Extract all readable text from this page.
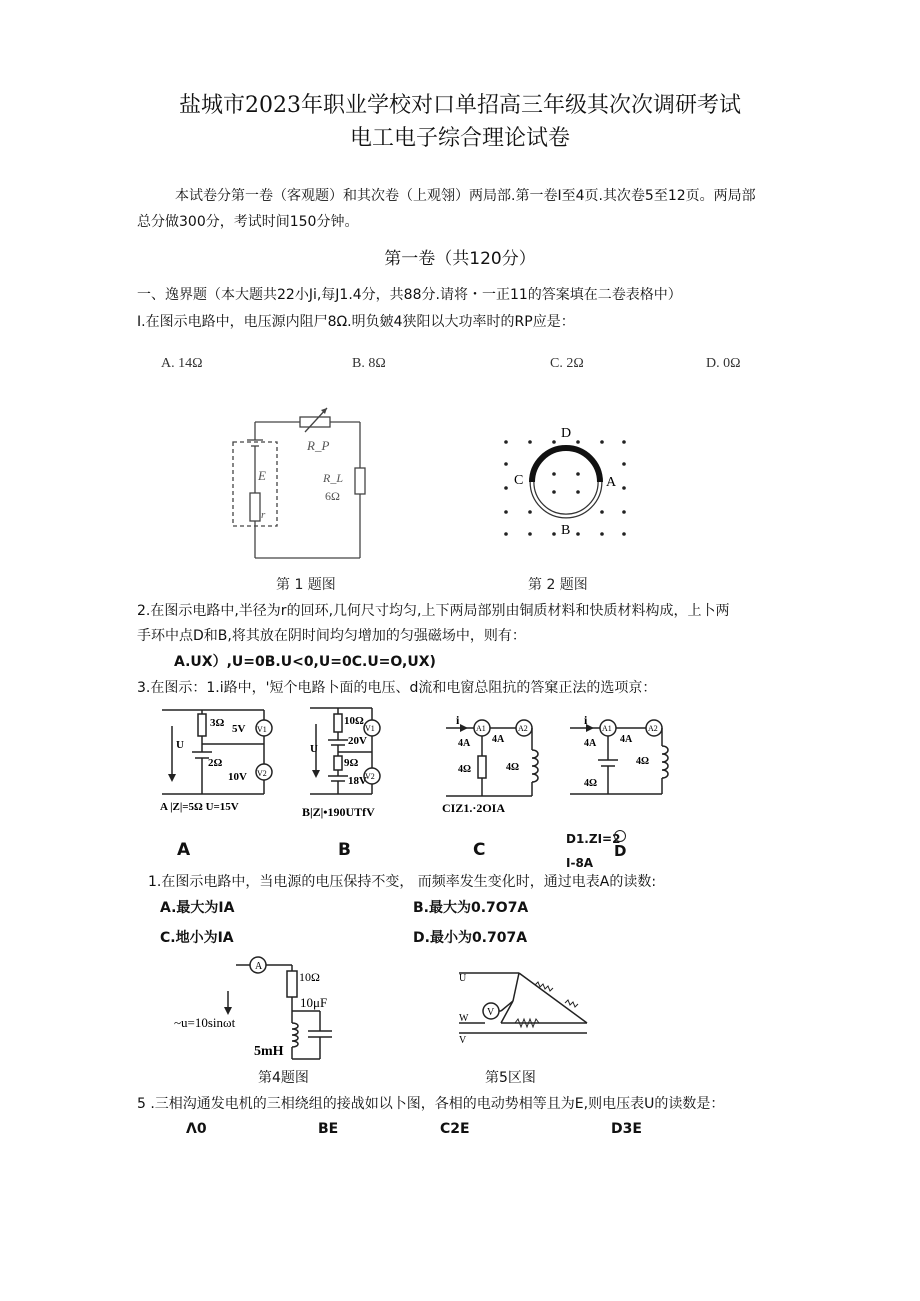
盐城市2023年职业学校对口单招高三年级其次次调研考试
电工电子综合理论试卷
本试卷分第一卷（客观题）和其次卷（上观翎）两局部.第一卷I至4页.其次卷5至12页。两局部
总分做300分，考试时间150分钟。
第一卷（共120分）
一、逸界题（本大题共22小Ji,每J1.4分，共88分.请将・一正11的答案填在二卷表格中）
I.在图示电路中，电压源内阻尸8Ω.明负皴4狭阳以大功率时的RP应是：
A. 14Ω	B. 8Ω	C. 2Ω	D. 0Ω
R_P
E
r
R_L
6Ω
第 1 题图
D
C	A
B
第 2 题图
2.在图示电路中,半径为r的回环,几何尺寸均匀,上下两局部别由铜质材料和快质材料构成，上卜两
手环中点D和B,将其放在阴时间均匀增加的匀强磁场中，则有：
A.UX）,U=0B.U<0,U=0C.U=O,UX)
3.在图示：1.i路中，'短个电路卜面的电压、d流和电窗总阻抗的答窠正法的选项京：
3Ω
2Ω
5V
10V
U
V1
V2
A |Z|=5Ω U=15V
A
10Ω
9Ω
20V
18V
U
V1
V2
B|Z|•190UTfV
B
i
4A 4A
4Ω	4Ω
A1	A2
CIZ1.·2OIA
C
i
4A 4A
4Ω
4Ω
A1	A2
D1.ZI=2
D
I-8A
1.在图示电路中，当电源的电压保持不变， 而频率发生变化时，通过电表A的读数:
A.最大为IA	B.最大为0.7O7A
C.地小为IA	D.最小为0.707A
A
~u=10sinωt
10Ω
10μF
5mH
第4题图
U
W
V
V
第5区图
5 .三相沟通发电机的三相绕组的接战如以卜图，各相的电动势相等且为E,则电压表U的读数是：
Λ0	BE	C2E	D3E
